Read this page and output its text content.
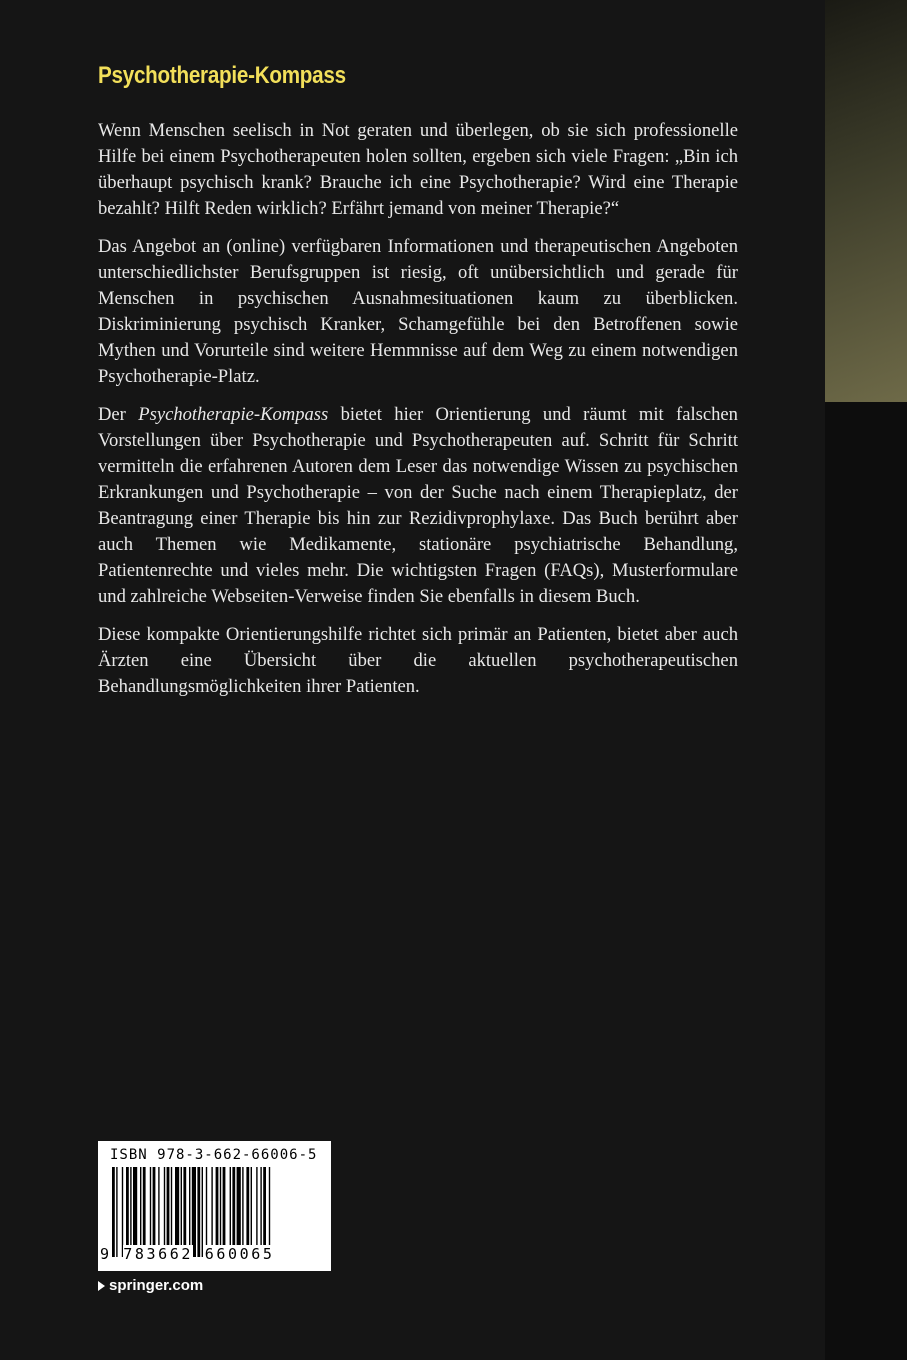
Psychotherapie-Kompass

Wenn Menschen seelisch in Not geraten und überlegen, ob sie sich professionelle Hilfe bei einem Psychotherapeuten holen sollten, ergeben sich viele Fragen: „Bin ich überhaupt psychisch krank? Brauche ich eine Psychotherapie? Wird eine Therapie bezahlt? Hilft Reden wirklich? Erfährt jemand von meiner Therapie?“

Das Angebot an (online) verfügbaren Informationen und therapeutischen Angeboten unterschiedlichster Berufsgruppen ist riesig, oft unübersichtlich und gerade für Menschen in psychischen Ausnahmesituationen kaum zu überblicken. Diskriminierung psychisch Kranker, Schamgefühle bei den Betroffenen sowie Mythen und Vorurteile sind weitere Hemmnisse auf dem Weg zu einem notwendigen Psychotherapie-Platz.

Der Psychotherapie-Kompass bietet hier Orientierung und räumt mit falschen Vorstellungen über Psychotherapie und Psychotherapeuten auf. Schritt für Schritt vermitteln die erfahrenen Autoren dem Leser das notwendige Wissen zu psychischen Erkrankungen und Psychotherapie – von der Suche nach einem Therapieplatz, der Beantragung einer Therapie bis hin zur Rezidivprophylaxe. Das Buch berührt aber auch Themen wie Medikamente, stationäre psychiatrische Behandlung, Patientenrechte und vieles mehr. Die wichtigsten Fragen (FAQs), Musterformulare und zahlreiche Webseiten-Verweise finden Sie ebenfalls in diesem Buch.

Diese kompakte Orientierungshilfe richtet sich primär an Patienten, bietet aber auch Ärzten eine Übersicht über die aktuellen psychotherapeutischen Behandlungsmöglichkeiten ihrer Patienten.

ISBN 978-3-662-66006-5
9 783662 660065
springer.com
